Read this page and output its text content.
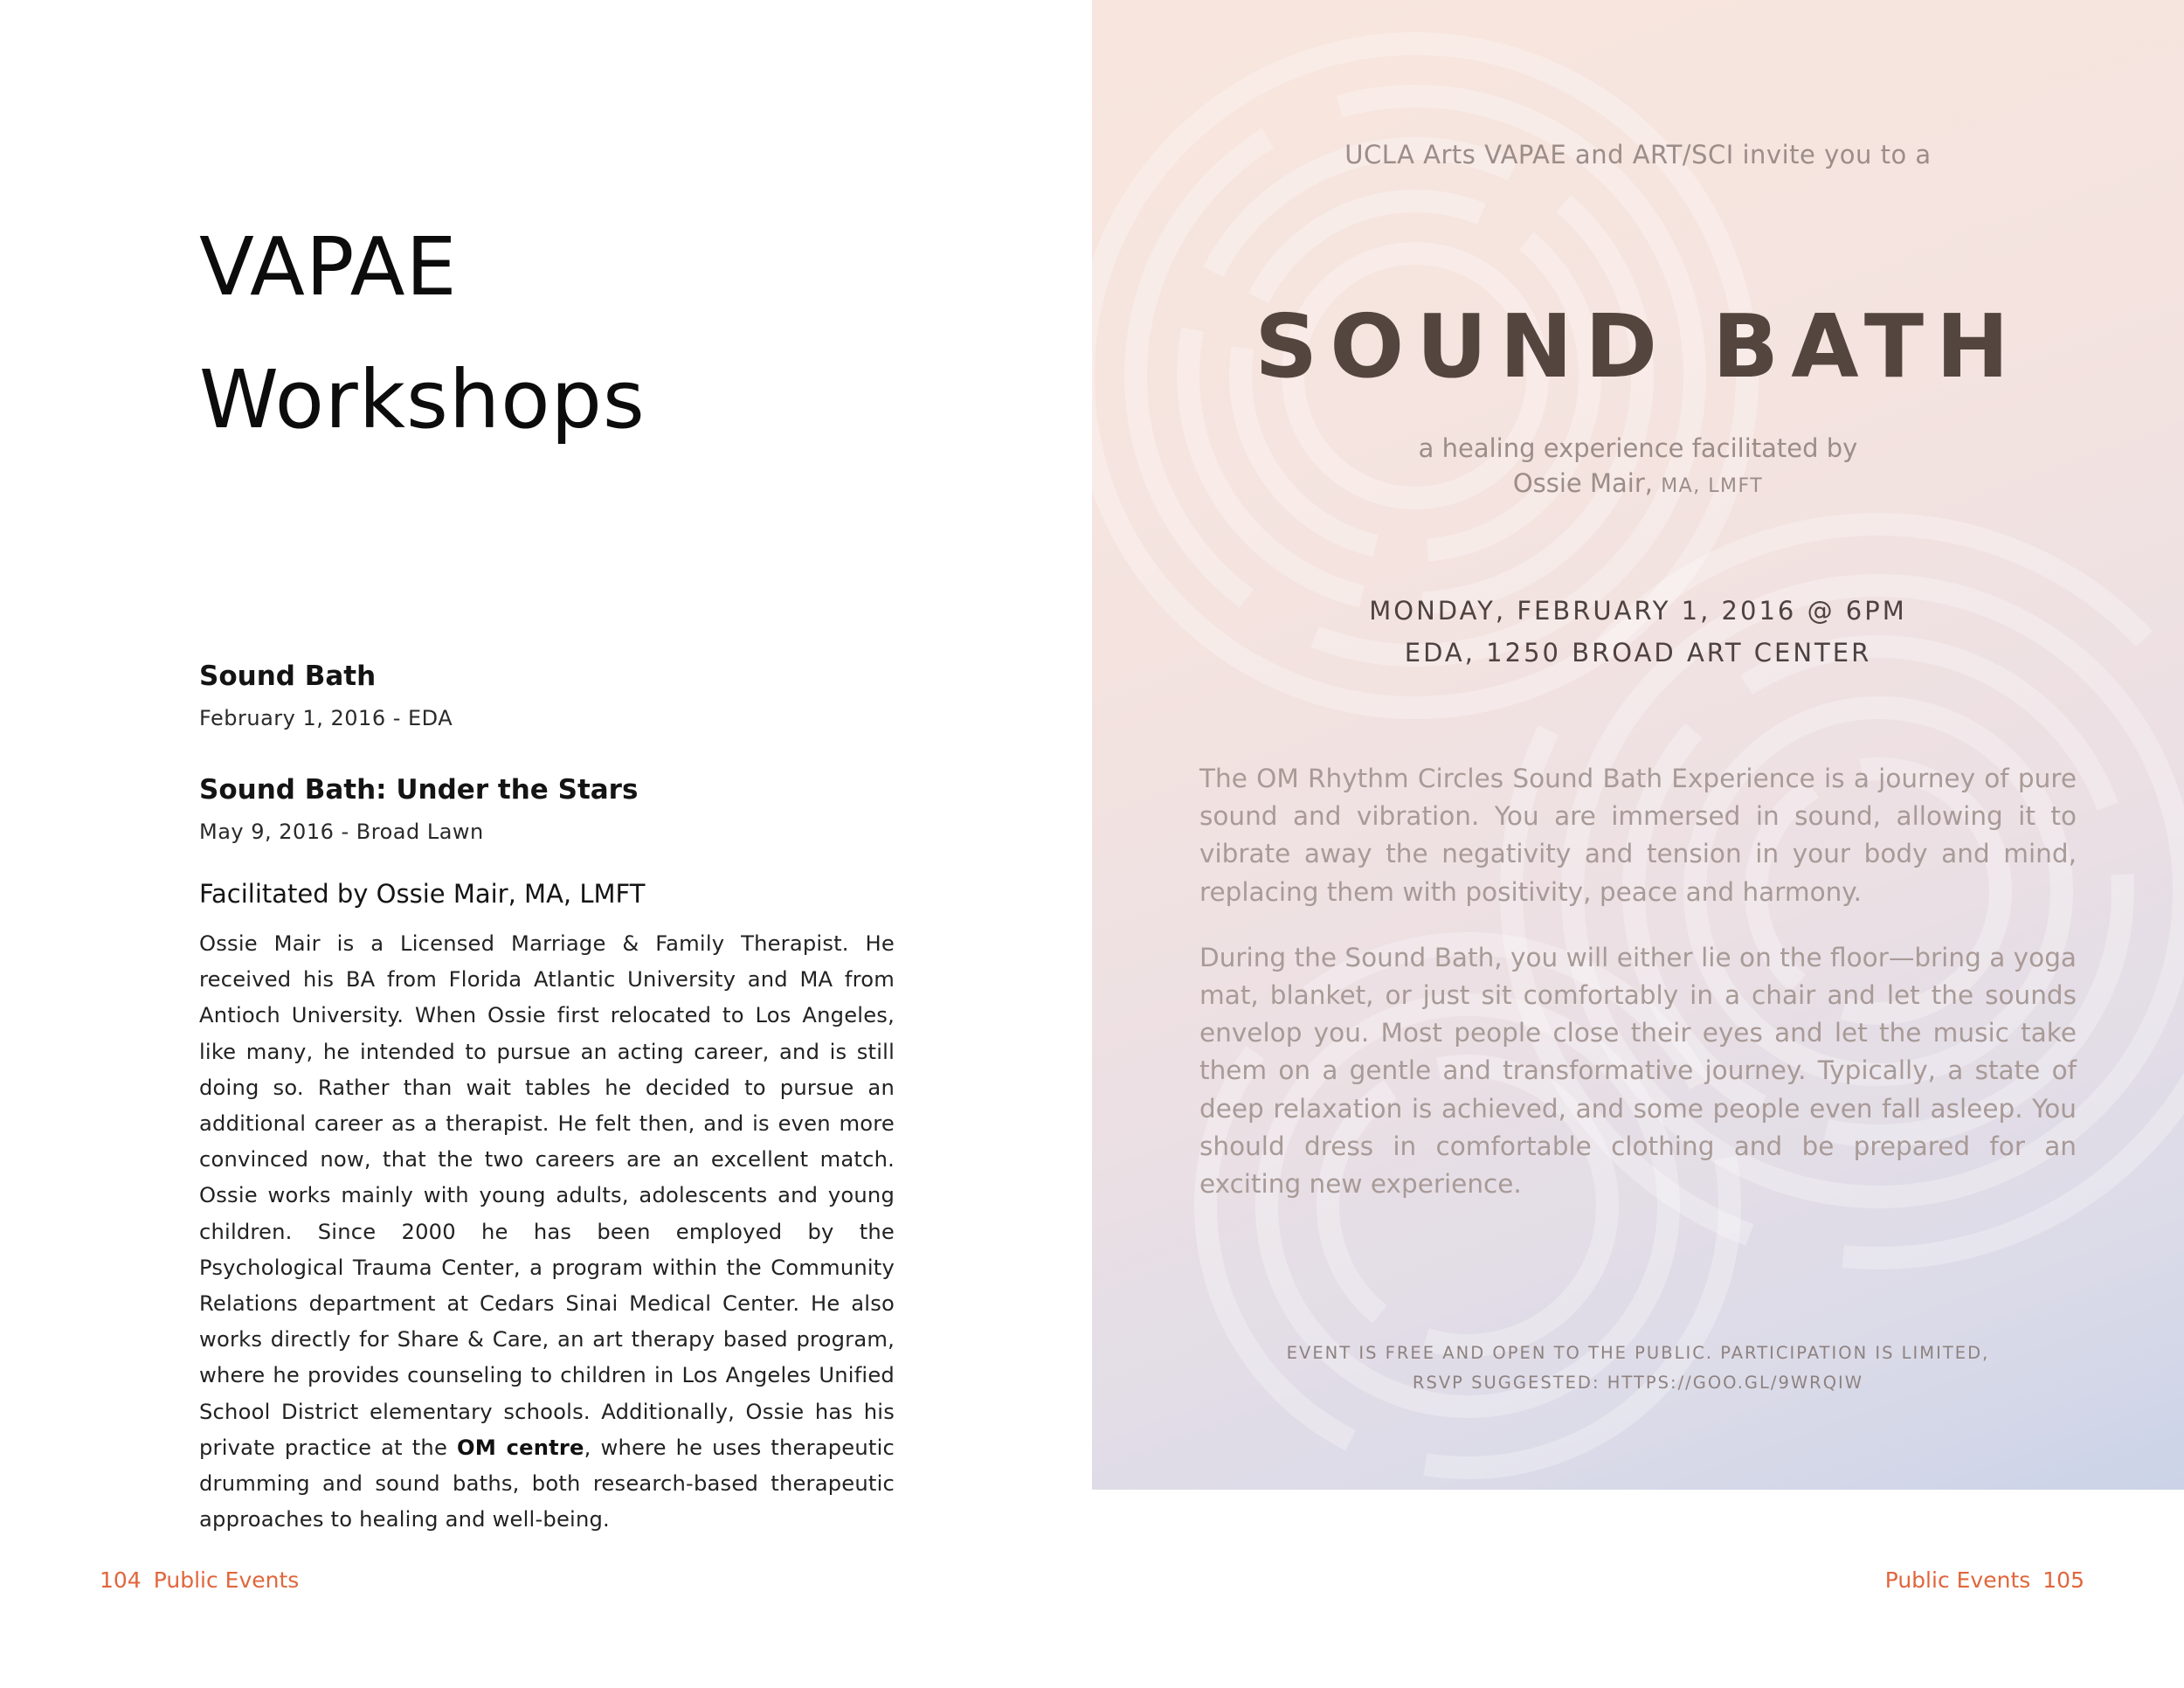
VAPAE
Workshops
Sound Bath
February 1, 2016 - EDA
Sound Bath: Under the Stars
May 9, 2016 - Broad Lawn
Facilitated by Ossie Mair, MA, LMFT

Ossie Mair is a Licensed Marriage & Family Therapist. He received his BA from Florida Atlantic University and MA from Antioch University. When Ossie first relocated to Los Angeles, like many, he intended to pursue an acting career, and is still doing so. Rather than wait tables he decided to pursue an additional career as a therapist. He felt then, and is even more convinced now, that the two careers are an excellent match. Ossie works mainly with young adults, adolescents and young children. Since 2000 he has been employed by the Psychological Trauma Center, a program within the Community Relations department at Cedars Sinai Medical Center. He also works directly for Share & Care, an art therapy based program, where he provides counseling to children in Los Angeles Unified School District elementary schools. Additionally, Ossie has his private practice at the OM centre, where he uses therapeutic drumming and sound baths, both research-based therapeutic approaches to healing and well-being.

UCLA Arts VAPAE and ART/SCI invite you to a
SOUND BATH
a healing experience facilitated by
Ossie Mair, MA, LMFT
MONDAY, FEBRUARY 1, 2016 @ 6PM
EDA, 1250 BROAD ART CENTER

The OM Rhythm Circles Sound Bath Experience is a journey of pure sound and vibration. You are immersed in sound, allowing it to vibrate away the negativity and tension in your body and mind, replacing them with positivity, peace and harmony.

During the Sound Bath, you will either lie on the floor—bring a yoga mat, blanket, or just sit comfortably in a chair and let the sounds envelop you. Most people close their eyes and let the music take them on a gentle and transformative journey. Typically, a state of deep relaxation is achieved, and some people even fall asleep. You should dress in comfortable clothing and be prepared for an exciting new experience.

EVENT IS FREE AND OPEN TO THE PUBLIC. PARTICIPATION IS LIMITED,
RSVP SUGGESTED: HTTPS://GOO.GL/9WRQIW
104 Public Events	Public Events 105
